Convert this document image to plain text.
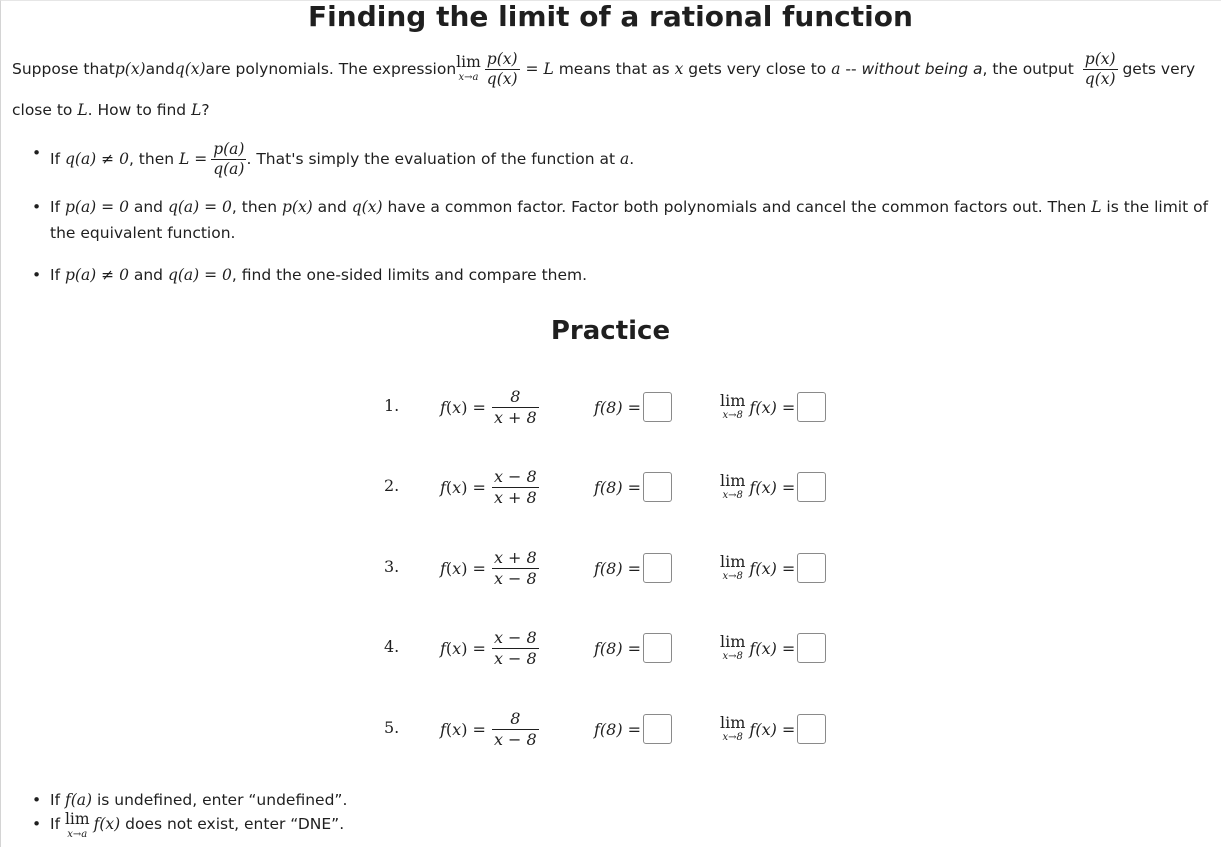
Finding the limit of a rational function
Suppose that p(x) and q(x) are polynomials. The expression lim
$x\to a \frac{p(x)}{q(x)} = L$ means that as x gets very close to a -- without being a , the output $\frac{p(x)}{q(x)}$ gets very
close to L. How to find L?
• If q(a) ≠ 0 , then $L = \frac{p(a)}{q(a)}$ . That's simply the evaluation of the function at a .
• If p(a) = 0 and q(a) = 0, then p(x) and q(x) have a common factor. Factor both polynomials and cancel the common factors out. Then L is the limit of the equivalent function.
• If p(a) ≠ 0 and q(a) = 0, find the one-sided limits and compare them.
Practice
1.	$f(x) = \frac{8}{x + 8}$	f(8) =	lim
x→8 f(x) =
2.	$f(x) = \frac{x - 8}{x + 8}$	f(8) =	lim
x→8 f(x) =
3.	$f(x) = \frac{x + 8}{x - 8}$	f(8) =	lim
x→8 f(x) =
4.	$f(x) = \frac{x - 8}{x - 8}$	f(8) =	lim
x→8 f(x) =
5.	$f(x) = \frac{8}{x - 8}$	f(8) =	lim
x→8 f(x) =
• If f(a) is undefined, enter “undefined”.
• If lim
x→a
f(x) does not exist, enter “DNE”.
